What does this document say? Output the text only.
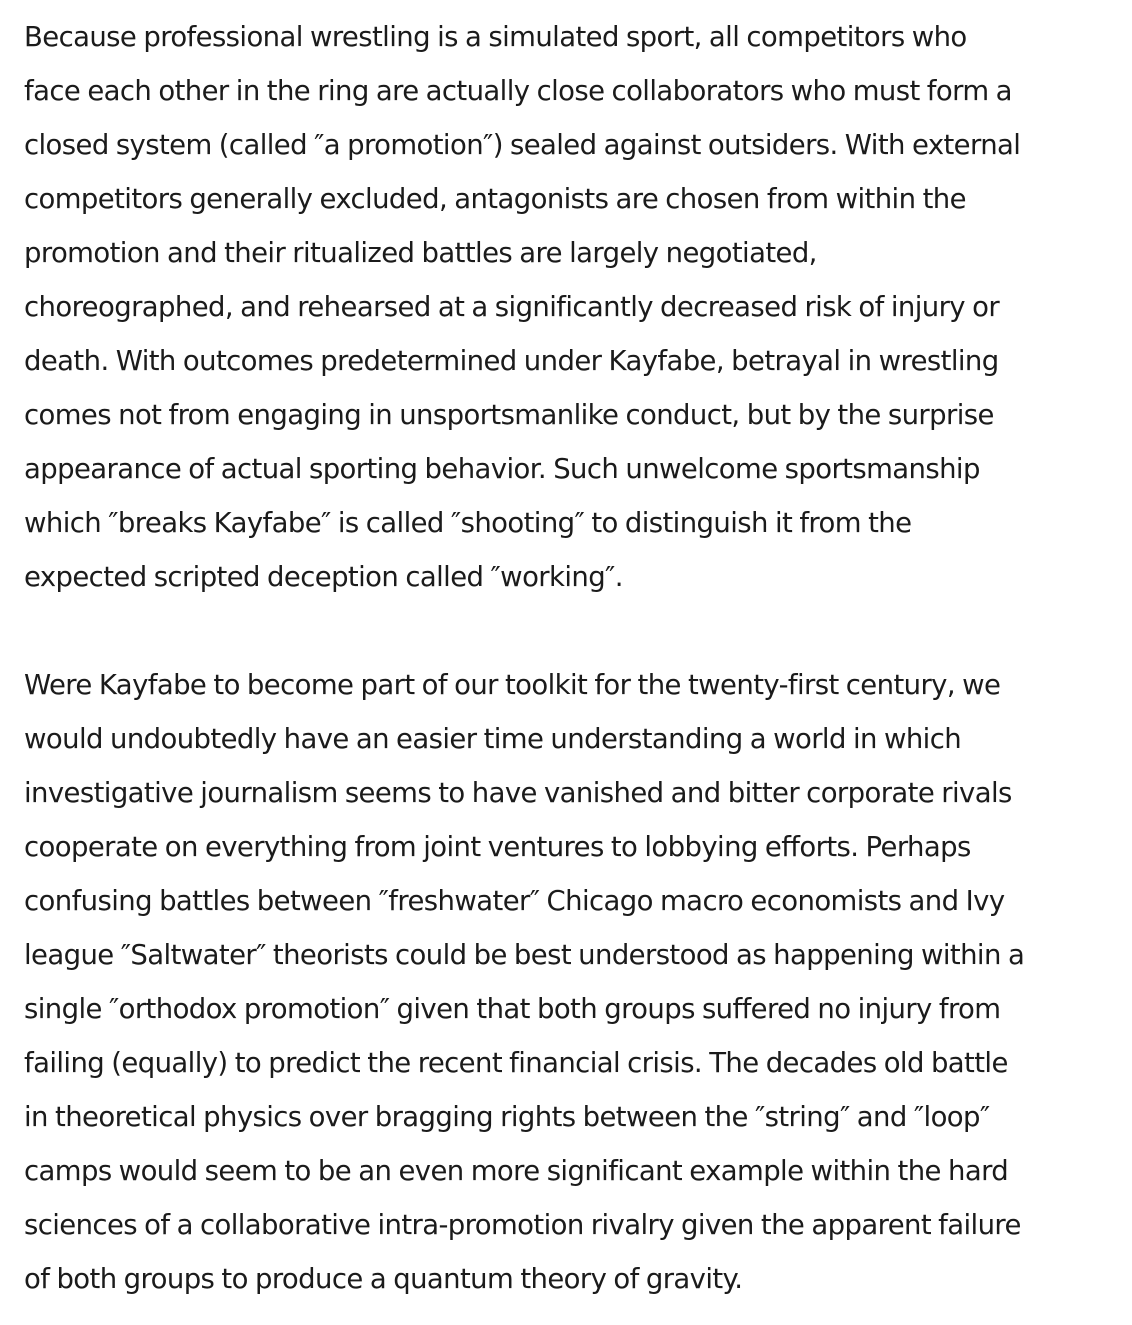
Because professional wrestling is a simulated sport, all competitors who
face each other in the ring are actually close collaborators who must form a
closed system (called ″a promotion″) sealed against outsiders. With external
competitors generally excluded, antagonists are chosen from within the
promotion and their ritualized battles are largely negotiated,
choreographed, and rehearsed at a significantly decreased risk of injury or
death. With outcomes predetermined under Kayfabe, betrayal in wrestling
comes not from engaging in unsportsmanlike conduct, but by the surprise
appearance of actual sporting behavior. Such unwelcome sportsmanship
which ″breaks Kayfabe″ is called ″shooting″ to distinguish it from the
expected scripted deception called ″working″.

Were Kayfabe to become part of our toolkit for the twenty-first century, we
would undoubtedly have an easier time understanding a world in which
investigative journalism seems to have vanished and bitter corporate rivals
cooperate on everything from joint ventures to lobbying efforts. Perhaps
confusing battles between ″freshwater″ Chicago macro economists and Ivy
league ″Saltwater″ theorists could be best understood as happening within a
single ″orthodox promotion″ given that both groups suffered no injury from
failing (equally) to predict the recent financial crisis. The decades old battle
in theoretical physics over bragging rights between the ″string″ and ″loop″
camps would seem to be an even more significant example within the hard
sciences of a collaborative intra-promotion rivalry given the apparent failure
of both groups to produce a quantum theory of gravity.
